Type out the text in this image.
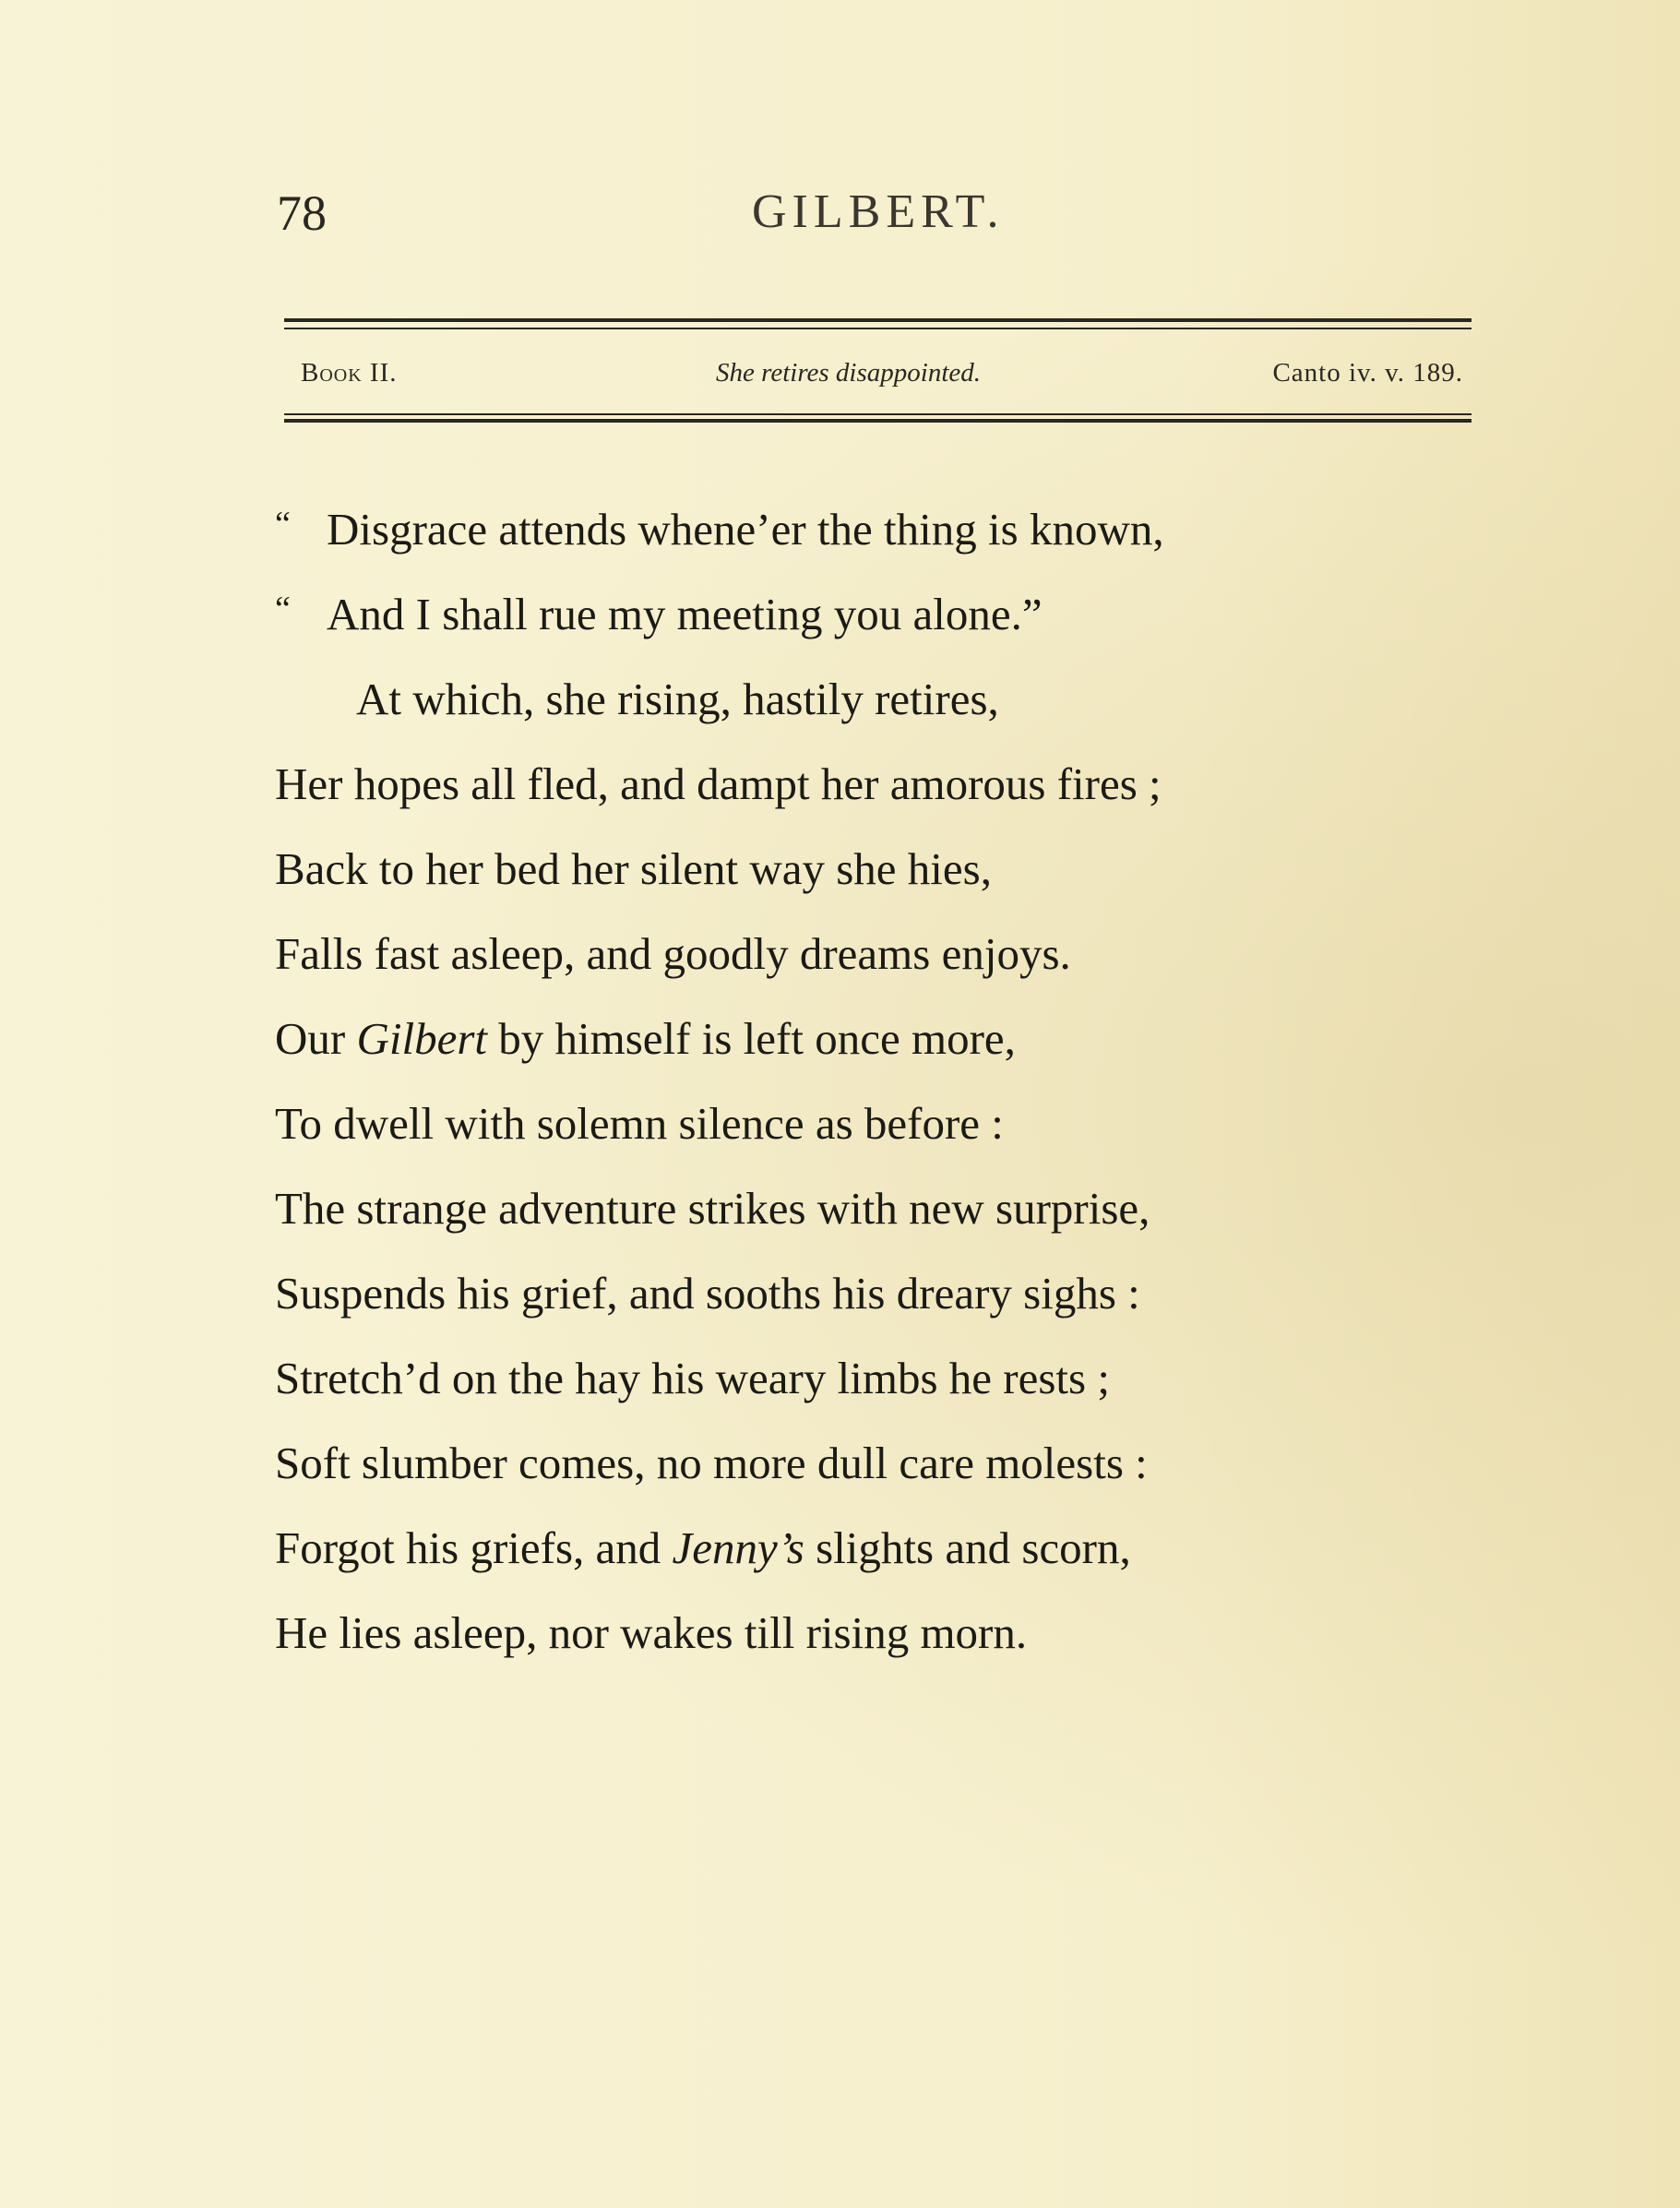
78	GILBERT.
Book II.	She retires disappointed.	Canto iv. v. 189.
“ Disgrace attends whene’er the thing is known,
“ And I shall rue my meeting you alone.”
At which, she rising, hastily retires,
Her hopes all fled, and dampt her amorous fires ;
Back to her bed her silent way she hies,
Falls fast asleep, and goodly dreams enjoys.
Our Gilbert by himself is left once more,
To dwell with solemn silence as before :
The strange adventure strikes with new surprise,
Suspends his grief, and sooths his dreary sighs :
Stretch’d on the hay his weary limbs he rests ;
Soft slumber comes, no more dull care molests :
Forgot his griefs, and Jenny’s slights and scorn,
He lies asleep, nor wakes till rising morn.
